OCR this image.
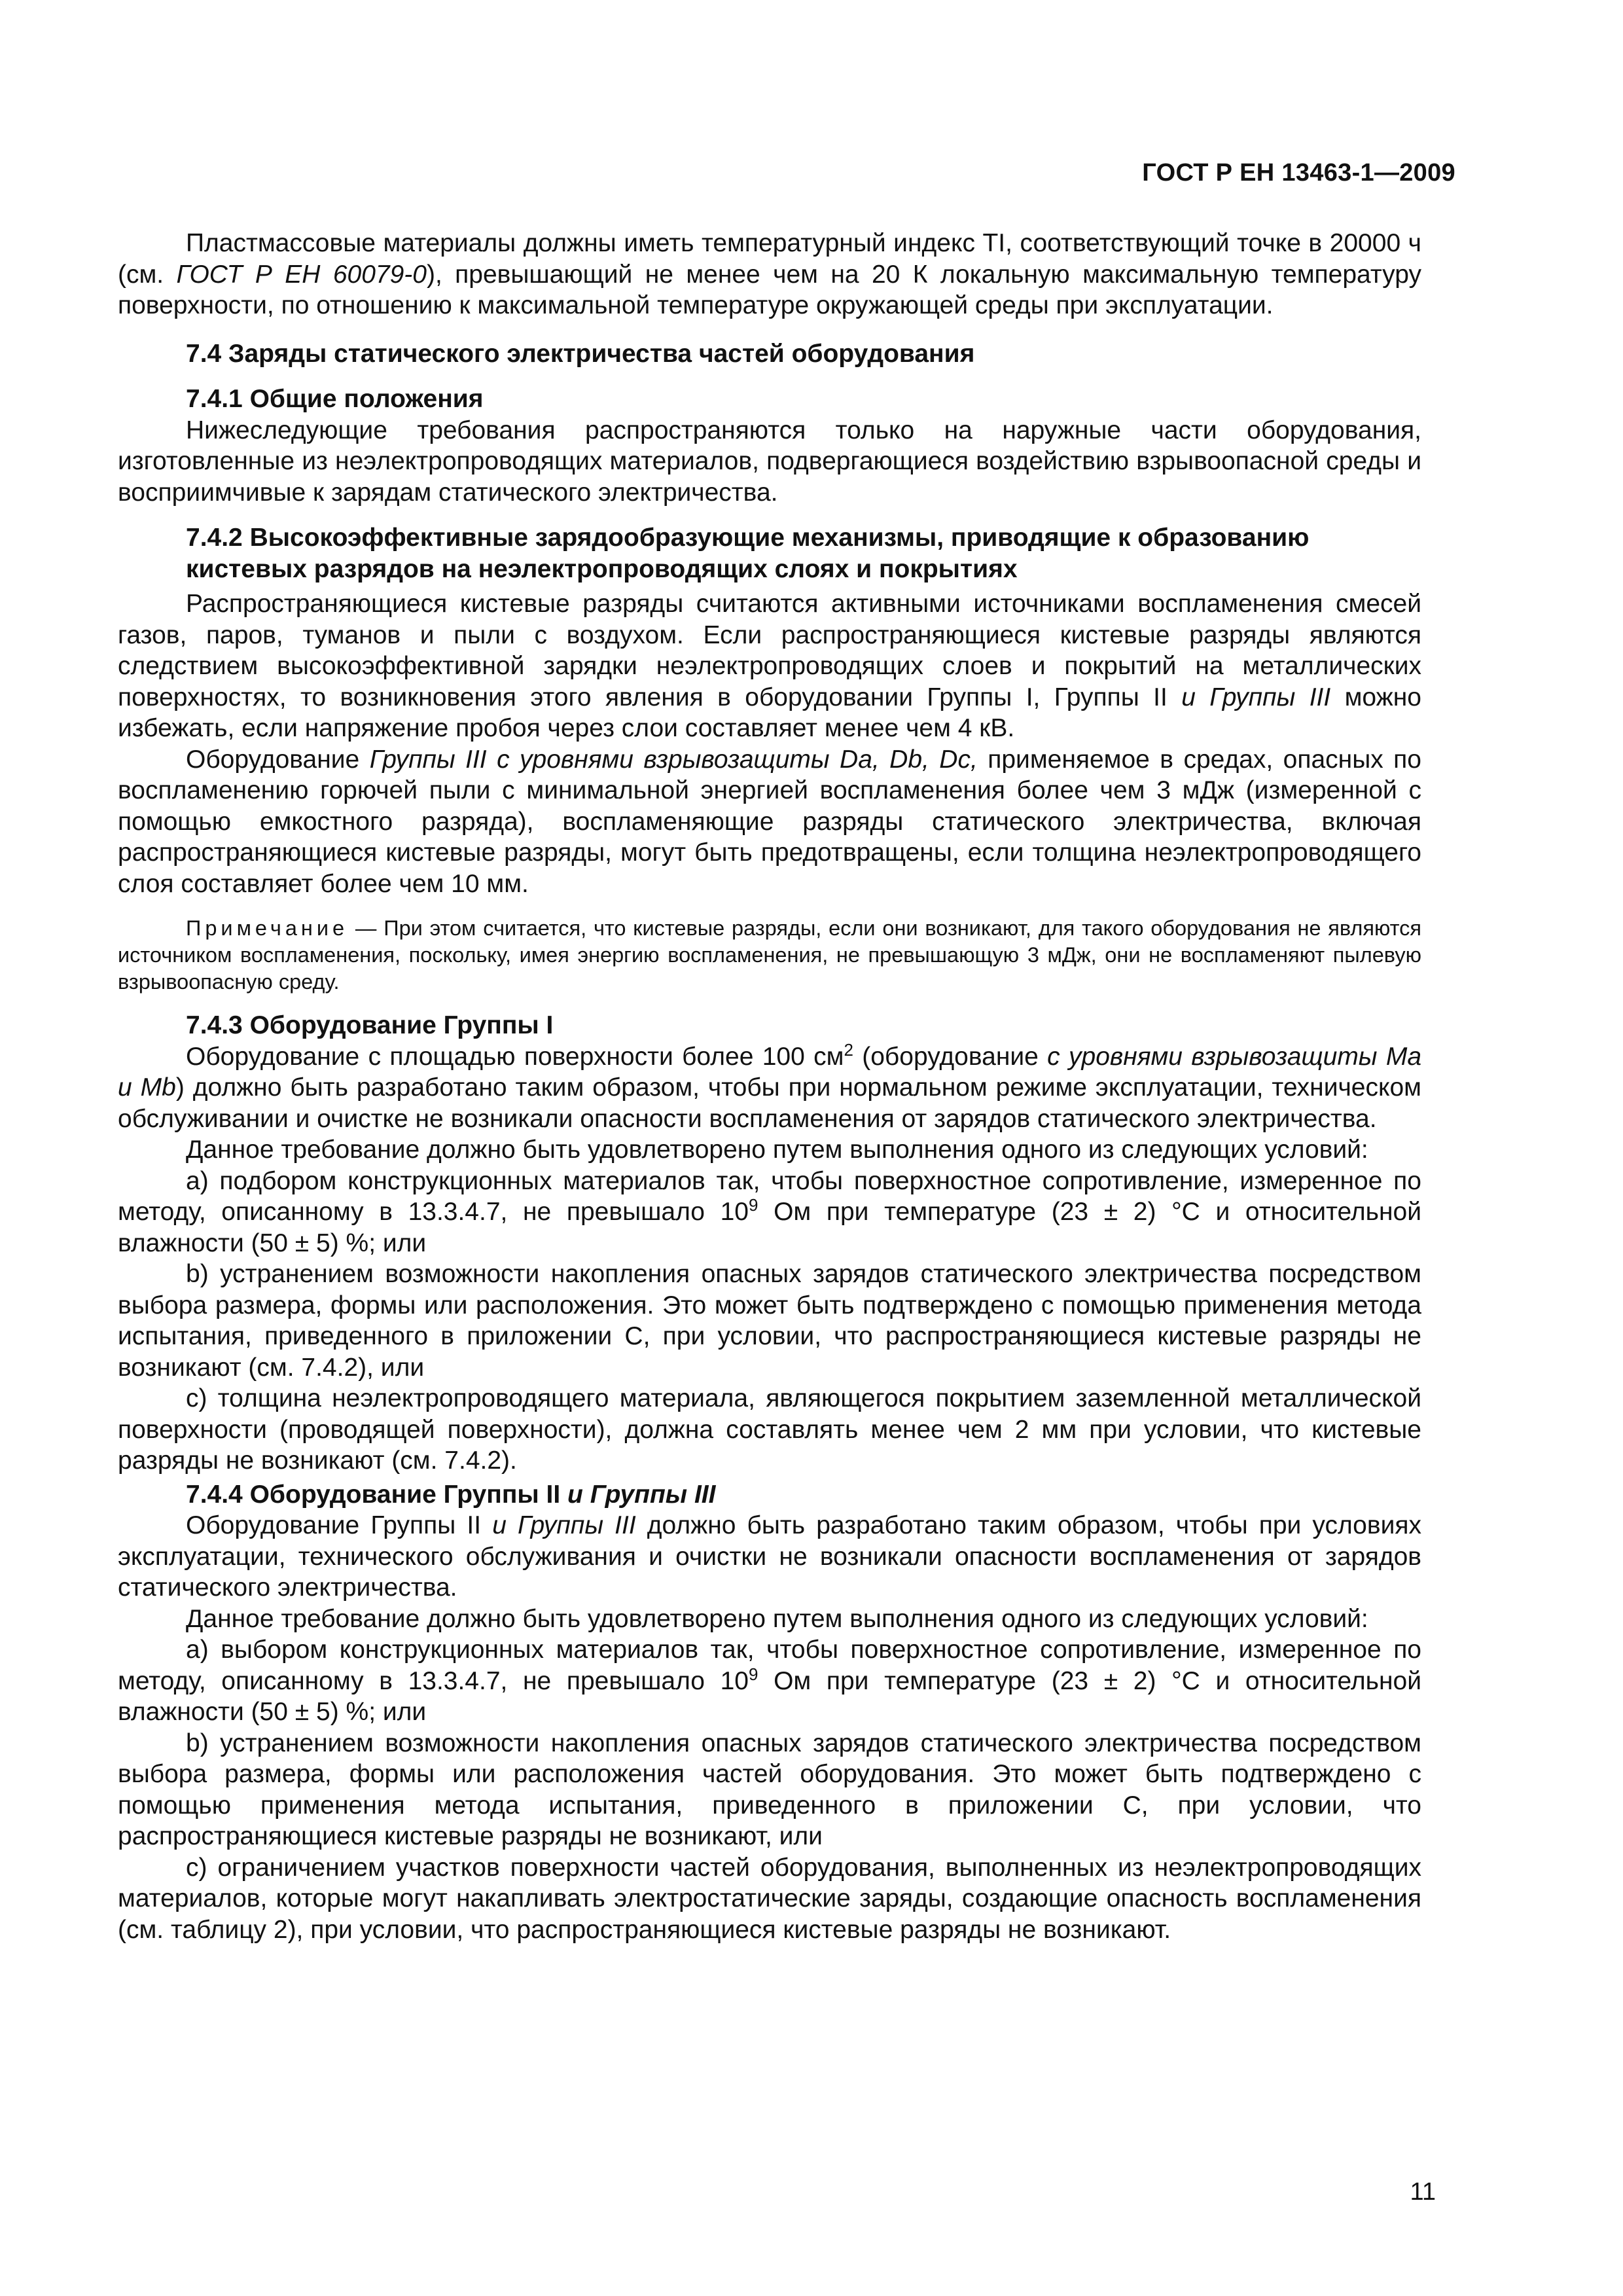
ГОСТ Р ЕН 13463-1—2009

Пластмассовые материалы должны иметь температурный индекс TI, соответствующий точке в 20000 ч (см. ГОСТ Р ЕН 60079-0), превышающий не менее чем на 20 К локальную максимальную температуру поверхности, по отношению к максимальной температуре окружающей среды при эксплуатации.

7.4 Заряды статического электричества частей оборудования
7.4.1 Общие положения

Нижеследующие требования распространяются только на наружные части оборудования, изготовленные из неэлектропроводящих материалов, подвергающиеся воздействию взрывоопасной среды и восприимчивые к зарядам статического электричества.

7.4.2 Высокоэффективные зарядообразующие механизмы, приводящие к образованию
кистевых разрядов на неэлектропроводящих слоях и покрытиях

Распространяющиеся кистевые разряды считаются активными источниками воспламенения смесей газов, паров, туманов и пыли с воздухом. Если распространяющиеся кистевые разряды являются следствием высокоэффективной зарядки неэлектропроводящих слоев и покрытий на металлических поверхностях, то возникновения этого явления в оборудовании Группы I, Группы II и Группы III можно избежать, если напряжение пробоя через слои составляет менее чем 4 кВ.

Оборудование Группы III с уровнями взрывозащиты Da, Db, Dc, применяемое в средах, опасных по воспламенению горючей пыли с минимальной энергией воспламенения более чем 3 мДж (измеренной с помощью емкостного разряда), воспламеняющие разряды статического электричества, включая распространяющиеся кистевые разряды, могут быть предотвращены, если толщина неэлектропроводящего слоя составляет более чем 10 мм.

Примечание — При этом считается, что кистевые разряды, если они возникают, для такого оборудования не являются источником воспламенения, поскольку, имея энергию воспламенения, не превышающую 3 мДж, они не воспламеняют пылевую взрывоопасную среду.
7.4.3 Оборудование Группы I

Оборудование с площадью поверхности более 100 $см^2$ (оборудование с уровнями взрывозащиты Ma и Mb) должно быть разработано таким образом, чтобы при нормальном режиме эксплуатации, техническом обслуживании и очистке не возникали опасности воспламенения от зарядов статического электричества.

Данное требование должно быть удовлетворено путем выполнения одного из следующих условий:

а) подбором конструкционных материалов так, чтобы поверхностное сопротивление, измеренное по методу, описанному в 13.3.4.7, не превышало $10^9$ Ом при температуре (23 ± 2) °С и относительной влажности (50 ± 5) %; или

b) устранением возможности накопления опасных зарядов статического электричества посредством выбора размера, формы или расположения. Это может быть подтверждено с помощью применения метода испытания, приведенного в приложении С, при условии, что распространяющиеся кистевые разряды не возникают (см. 7.4.2), или

c) толщина неэлектропроводящего материала, являющегося покрытием заземленной металлической поверхности (проводящей поверхности), должна составлять менее чем 2 мм при условии, что кистевые разряды не возникают (см. 7.4.2).

7.4.4 Оборудование Группы II и Группы III

Оборудование Группы II и Группы III должно быть разработано таким образом, чтобы при условиях эксплуатации, технического обслуживания и очистки не возникали опасности воспламенения от зарядов статического электричества.

Данное требование должно быть удовлетворено путем выполнения одного из следующих условий:

а) выбором конструкционных материалов так, чтобы поверхностное сопротивление, измеренное по методу, описанному в 13.3.4.7, не превышало $10^9$ Ом при температуре (23 ± 2) °С и относительной влажности (50 ± 5) %; или

b) устранением возможности накопления опасных зарядов статического электричества посредством выбора размера, формы или расположения частей оборудования. Это может быть подтверждено с помощью применения метода испытания, приведенного в приложении С, при условии, что распространяющиеся кистевые разряды не возникают, или

c) ограничением участков поверхности частей оборудования, выполненных из неэлектропроводящих материалов, которые могут накапливать электростатические заряды, создающие опасность воспламенения (см. таблицу 2), при условии, что распространяющиеся кистевые разряды не возникают.

11
